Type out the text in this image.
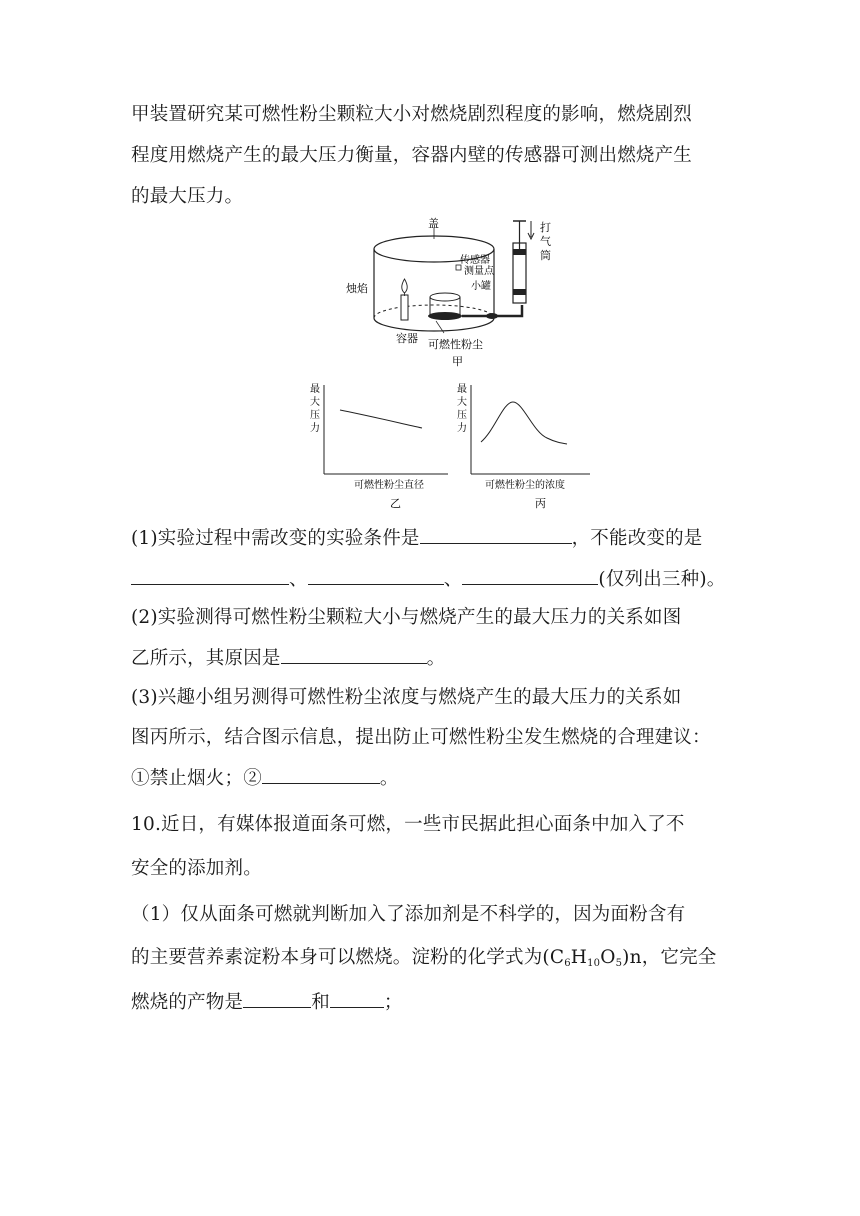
甲装置研究某可燃性粉尘颗粒大小对燃烧剧烈程度的影响，燃烧剧烈
程度用燃烧产生的最大压力衡量，容器内壁的传感器可测出燃烧产生
的最大压力。
盖
烛焰
传感器
测量点
小罐
打
气
筒
容器 可燃性粉尘
甲
最
大
压
力
可燃性粉尘直径
乙
最
大
压
力
可燃性粉尘的浓度
丙
(1)实验过程中需改变的实验条件是	，不能改变的是
、	、	(仅列出三种)。
(2)实验测得可燃性粉尘颗粒大小与燃烧产生的最大压力的关系如图
乙所示，其原因是	。
(3)兴趣小组另测得可燃性粉尘浓度与燃烧产生的最大压力的关系如
图丙所示，结合图示信息，提出防止可燃性粉尘发生燃烧的合理建议：
①禁止烟火；②	。
10.近日，有媒体报道面条可燃，一些市民据此担心面条中加入了不
安全的添加剂。
（1）仅从面条可燃就判断加入了添加剂是不科学的，因为面粉含有
的主要营养素淀粉本身可以燃烧。淀粉的化学式为$(C_6H_{10}O_5)n$，它完全
燃烧的产物是	和	；
